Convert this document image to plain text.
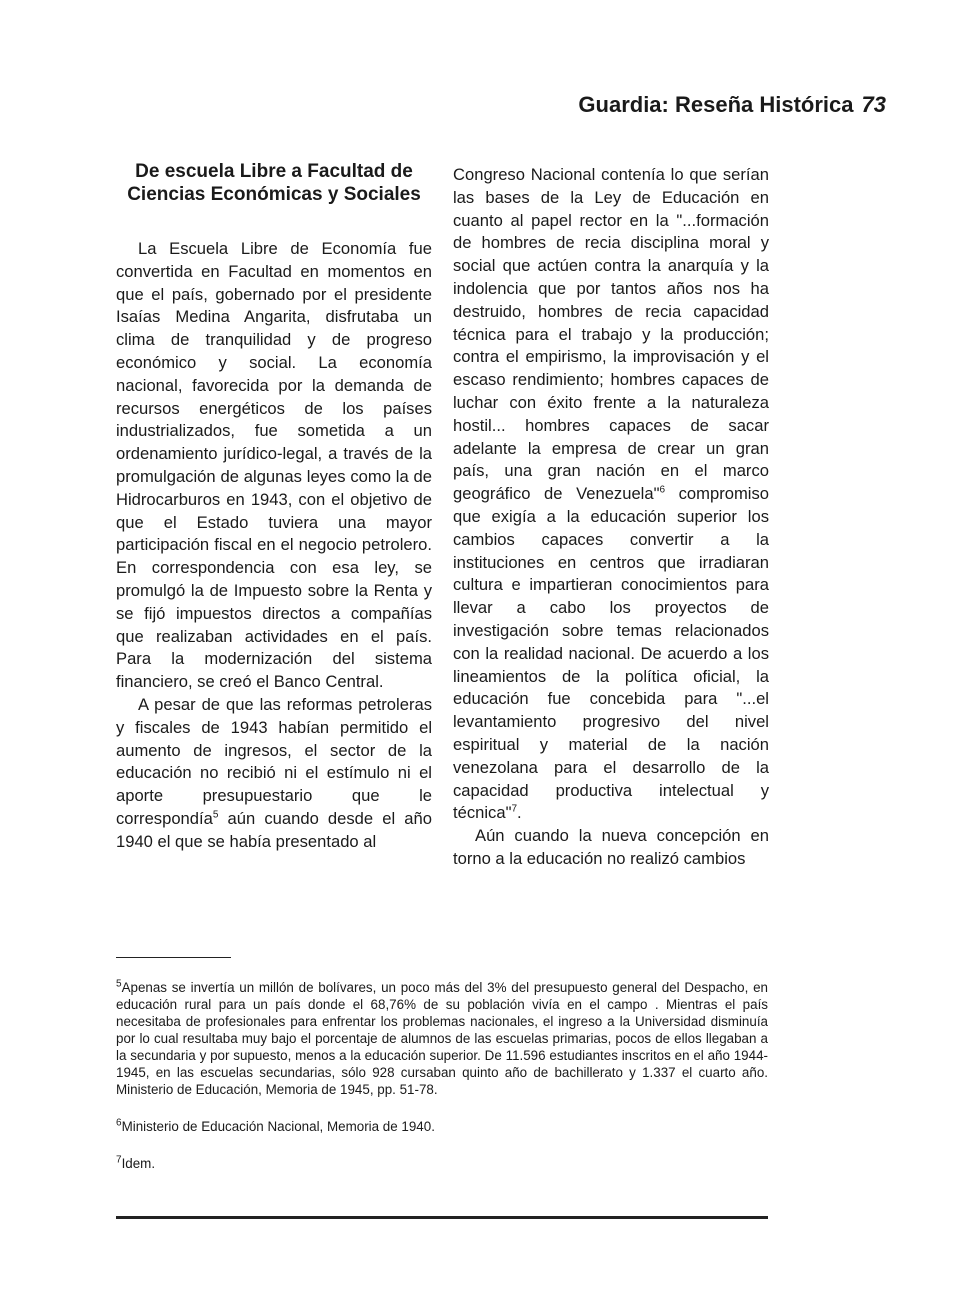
Guardia: Reseña Histórica 73
De escuela Libre a Facultad de Ciencias Económicas y Sociales

La Escuela Libre de Economía fue convertida en Facultad en momentos en que el país, gobernado por el presidente Isaías Medina Angarita, disfrutaba un clima de tranquilidad y de progreso económico y social. La economía nacional, favorecida por la demanda de recursos energéticos de los países industrializados, fue sometida a un ordenamiento jurídico-legal, a través de la promulgación de algunas leyes como la de Hidrocarburos en 1943, con el objetivo de que el Estado tuviera una mayor participación fiscal en el negocio petrolero. En correspondencia con esa ley, se promulgó la de Impuesto sobre la Renta y se fijó impuestos directos a compañías que realizaban actividades en el país. Para la modernización del sistema financiero, se creó el Banco Central.

A pesar de que las reformas petroleras y fiscales de 1943 habían permitido el aumento de ingresos, el sector de la educación no recibió ni el estímulo ni el aporte presupuestario que le correspondía$^5$ aún cuando desde el año 1940 el que se había presentado al

Congreso Nacional contenía lo que serían las bases de la Ley de Educación en cuanto al papel rector en la "...formación de hombres de recia disciplina moral y social que actúen contra la anarquía y la indolencia que por tantos años nos ha destruido, hombres de recia capacidad técnica para el trabajo y la producción; contra el empirismo, la improvisación y el escaso rendimiento; hombres capaces de luchar con éxito frente a la naturaleza hostil... hombres capaces de sacar adelante la empresa de crear un gran país, una gran nación en el marco geográfico de Venezuela"$^6$ compromiso que exigía a la educación superior los cambios capaces convertir a la instituciones en centros que irradiaran cultura e impartieran conocimientos para llevar a cabo los proyectos de investigación sobre temas relacionados con la realidad nacional. De acuerdo a los lineamientos de la política oficial, la educación fue concebida para "...el levantamiento progresivo del nivel espiritual y material de la nación venezolana para el desarrollo de la capacidad productiva intelectual y técnica"$^7$.

Aún cuando la nueva concepción en torno a la educación no realizó cambios

$^5$Apenas se invertía un millón de bolívares, un poco más del 3% del presupuesto general del Despacho, en educación rural para un país donde el 68,76% de su población vivía en el campo . Mientras el país necesitaba de profesionales para enfrentar los problemas nacionales, el ingreso a la Universidad disminuía por lo cual resultaba muy bajo el porcentaje de alumnos de las escuelas primarias, pocos de ellos llegaban a la secundaria y por supuesto, menos a la educación superior. De 11.596 estudiantes inscritos en el año 1944-1945, en las escuelas secundarias, sólo 928 cursaban quinto año de bachillerato y 1.337 el cuarto año. Ministerio de Educación, Memoria de 1945, pp. 51-78.

$^6$Ministerio de Educación Nacional, Memoria de 1940.

$^7$Idem.
